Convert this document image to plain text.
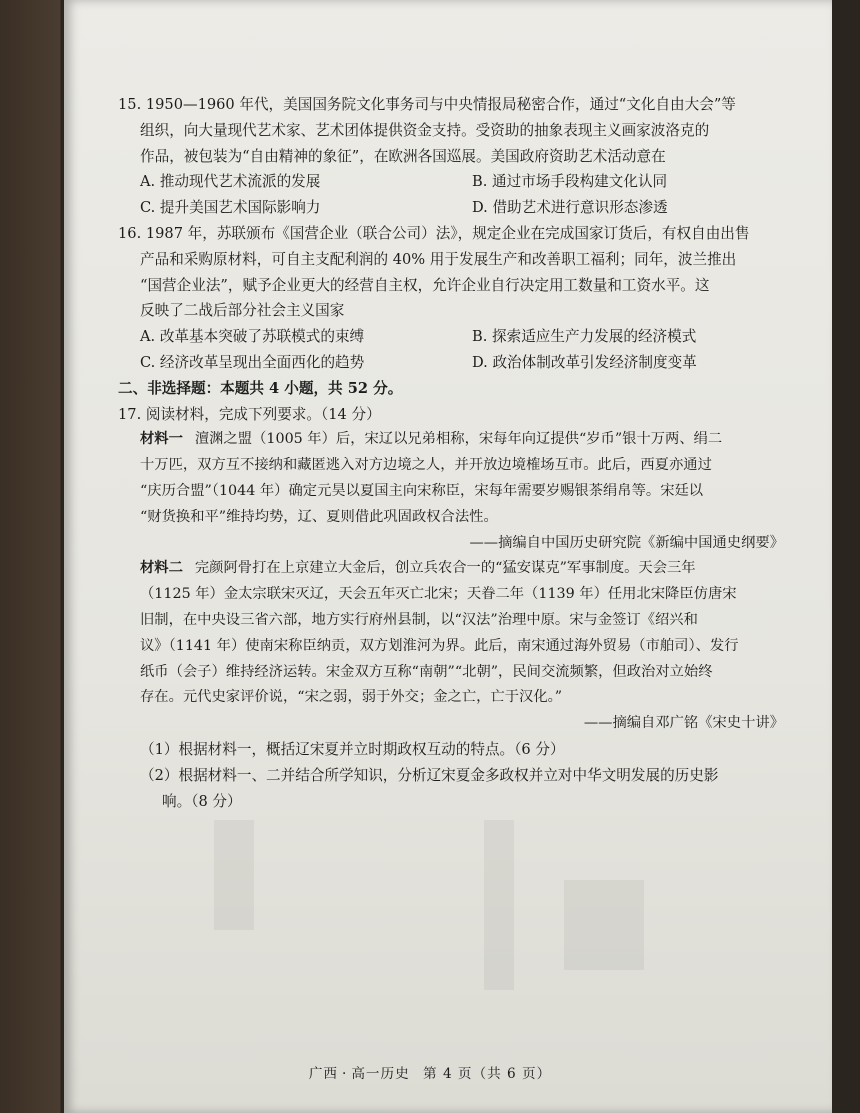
15. 1950—1960 年代，美国国务院文化事务司与中央情报局秘密合作，通过“文化自由大会”等

组织，向大量现代艺术家、艺术团体提供资金支持。受资助的抽象表现主义画家波洛克的

作品，被包装为“自由精神的象征”，在欧洲各国巡展。美国政府资助艺术活动意在

A. 推动现代艺术流派的发展	B. 通过市场手段构建文化认同
C. 提升美国艺术国际影响力	D. 借助艺术进行意识形态渗透

16. 1987 年，苏联颁布《国营企业（联合公司）法》，规定企业在完成国家订货后，有权自由出售

产品和采购原材料，可自主支配利润的 40% 用于发展生产和改善职工福利；同年，波兰推出

“国营企业法”，赋予企业更大的经营自主权，允许企业自行决定用工数量和工资水平。这

反映了二战后部分社会主义国家

A. 改革基本突破了苏联模式的束缚	B. 探索适应生产力发展的经济模式
C. 经济改革呈现出全面西化的趋势	D. 政治体制改革引发经济制度变革

二、非选择题：本题共 4 小题，共 52 分。

17. 阅读材料，完成下列要求。（14 分）

材料一 澶渊之盟（1005 年）后，宋辽以兄弟相称，宋每年向辽提供“岁币”银十万两、绢二

十万匹，双方互不接纳和藏匿逃入对方边境之人，并开放边境榷场互市。此后，西夏亦通过

“庆历合盟”（1044 年）确定元昊以夏国主向宋称臣，宋每年需要岁赐银茶绢帛等。宋廷以

“财货换和平”维持均势，辽、夏则借此巩固政权合法性。

——摘编自中国历史研究院《新编中国通史纲要》

材料二 完颜阿骨打在上京建立大金后，创立兵农合一的“猛安谋克”军事制度。天会三年

（1125 年）金太宗联宋灭辽，天会五年灭亡北宋；天眷二年（1139 年）任用北宋降臣仿唐宋

旧制，在中央设三省六部，地方实行府州县制，以“汉法”治理中原。宋与金签订《绍兴和

议》（1141 年）使南宋称臣纳贡，双方划淮河为界。此后，南宋通过海外贸易（市舶司）、发行

纸币（会子）维持经济运转。宋金双方互称“南朝”“北朝”，民间交流频繁，但政治对立始终

存在。元代史家评价说，“宋之弱，弱于外交；金之亡，亡于汉化。”

——摘编自邓广铭《宋史十讲》

（1）根据材料一，概括辽宋夏并立时期政权互动的特点。（6 分）

（2）根据材料一、二并结合所学知识，分析辽宋夏金多政权并立对中华文明发展的历史影

响。（8 分）

广西 · 高一历史 第 4 页（共 6 页）
